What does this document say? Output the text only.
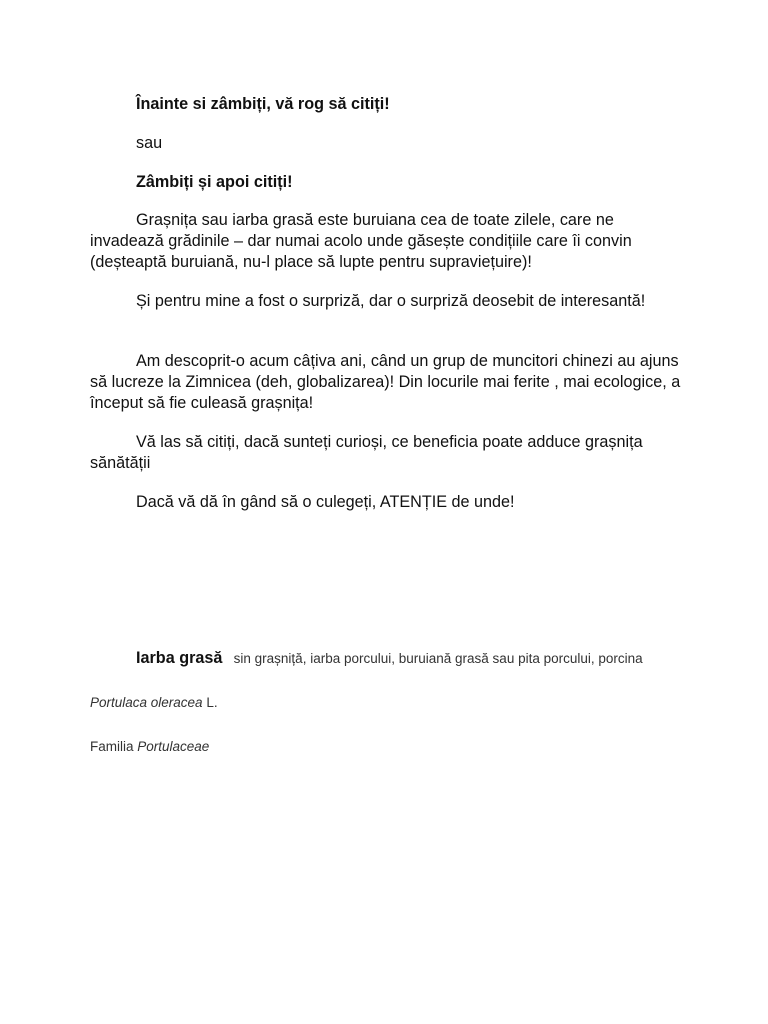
Înainte si zâmbiți, vă rog să citiți!
sau
Zâmbiți și apoi citiți!
Grașnița sau iarba grasă este buruiana cea de toate zilele, care ne invadează grădinile – dar numai acolo unde găsește condițiile care îi convin (deșteaptă buruiană, nu-l place să lupte pentru supraviețuire)!
Și pentru mine a fost o surpriză, dar o surpriză deosebit de interesantă!
Am descoprit-o acum câțiva ani, când un grup de muncitori chinezi au ajuns să lucreze la Zimnicea (deh, globalizarea)! Din locurile mai ferite , mai ecologice, a început să fie culeasă grașnița!
Vă las să citiți, dacă sunteți curioși, ce beneficia poate adduce grașnița sănătății
Dacă vă dă în gând să o culegeți, ATENȚIE de unde!
Iarba grasă sin grașniță, iarba porcului, buruiană grasă sau pita porcului, porcina
Portulaca oleracea L.
Familia Portulaceae
